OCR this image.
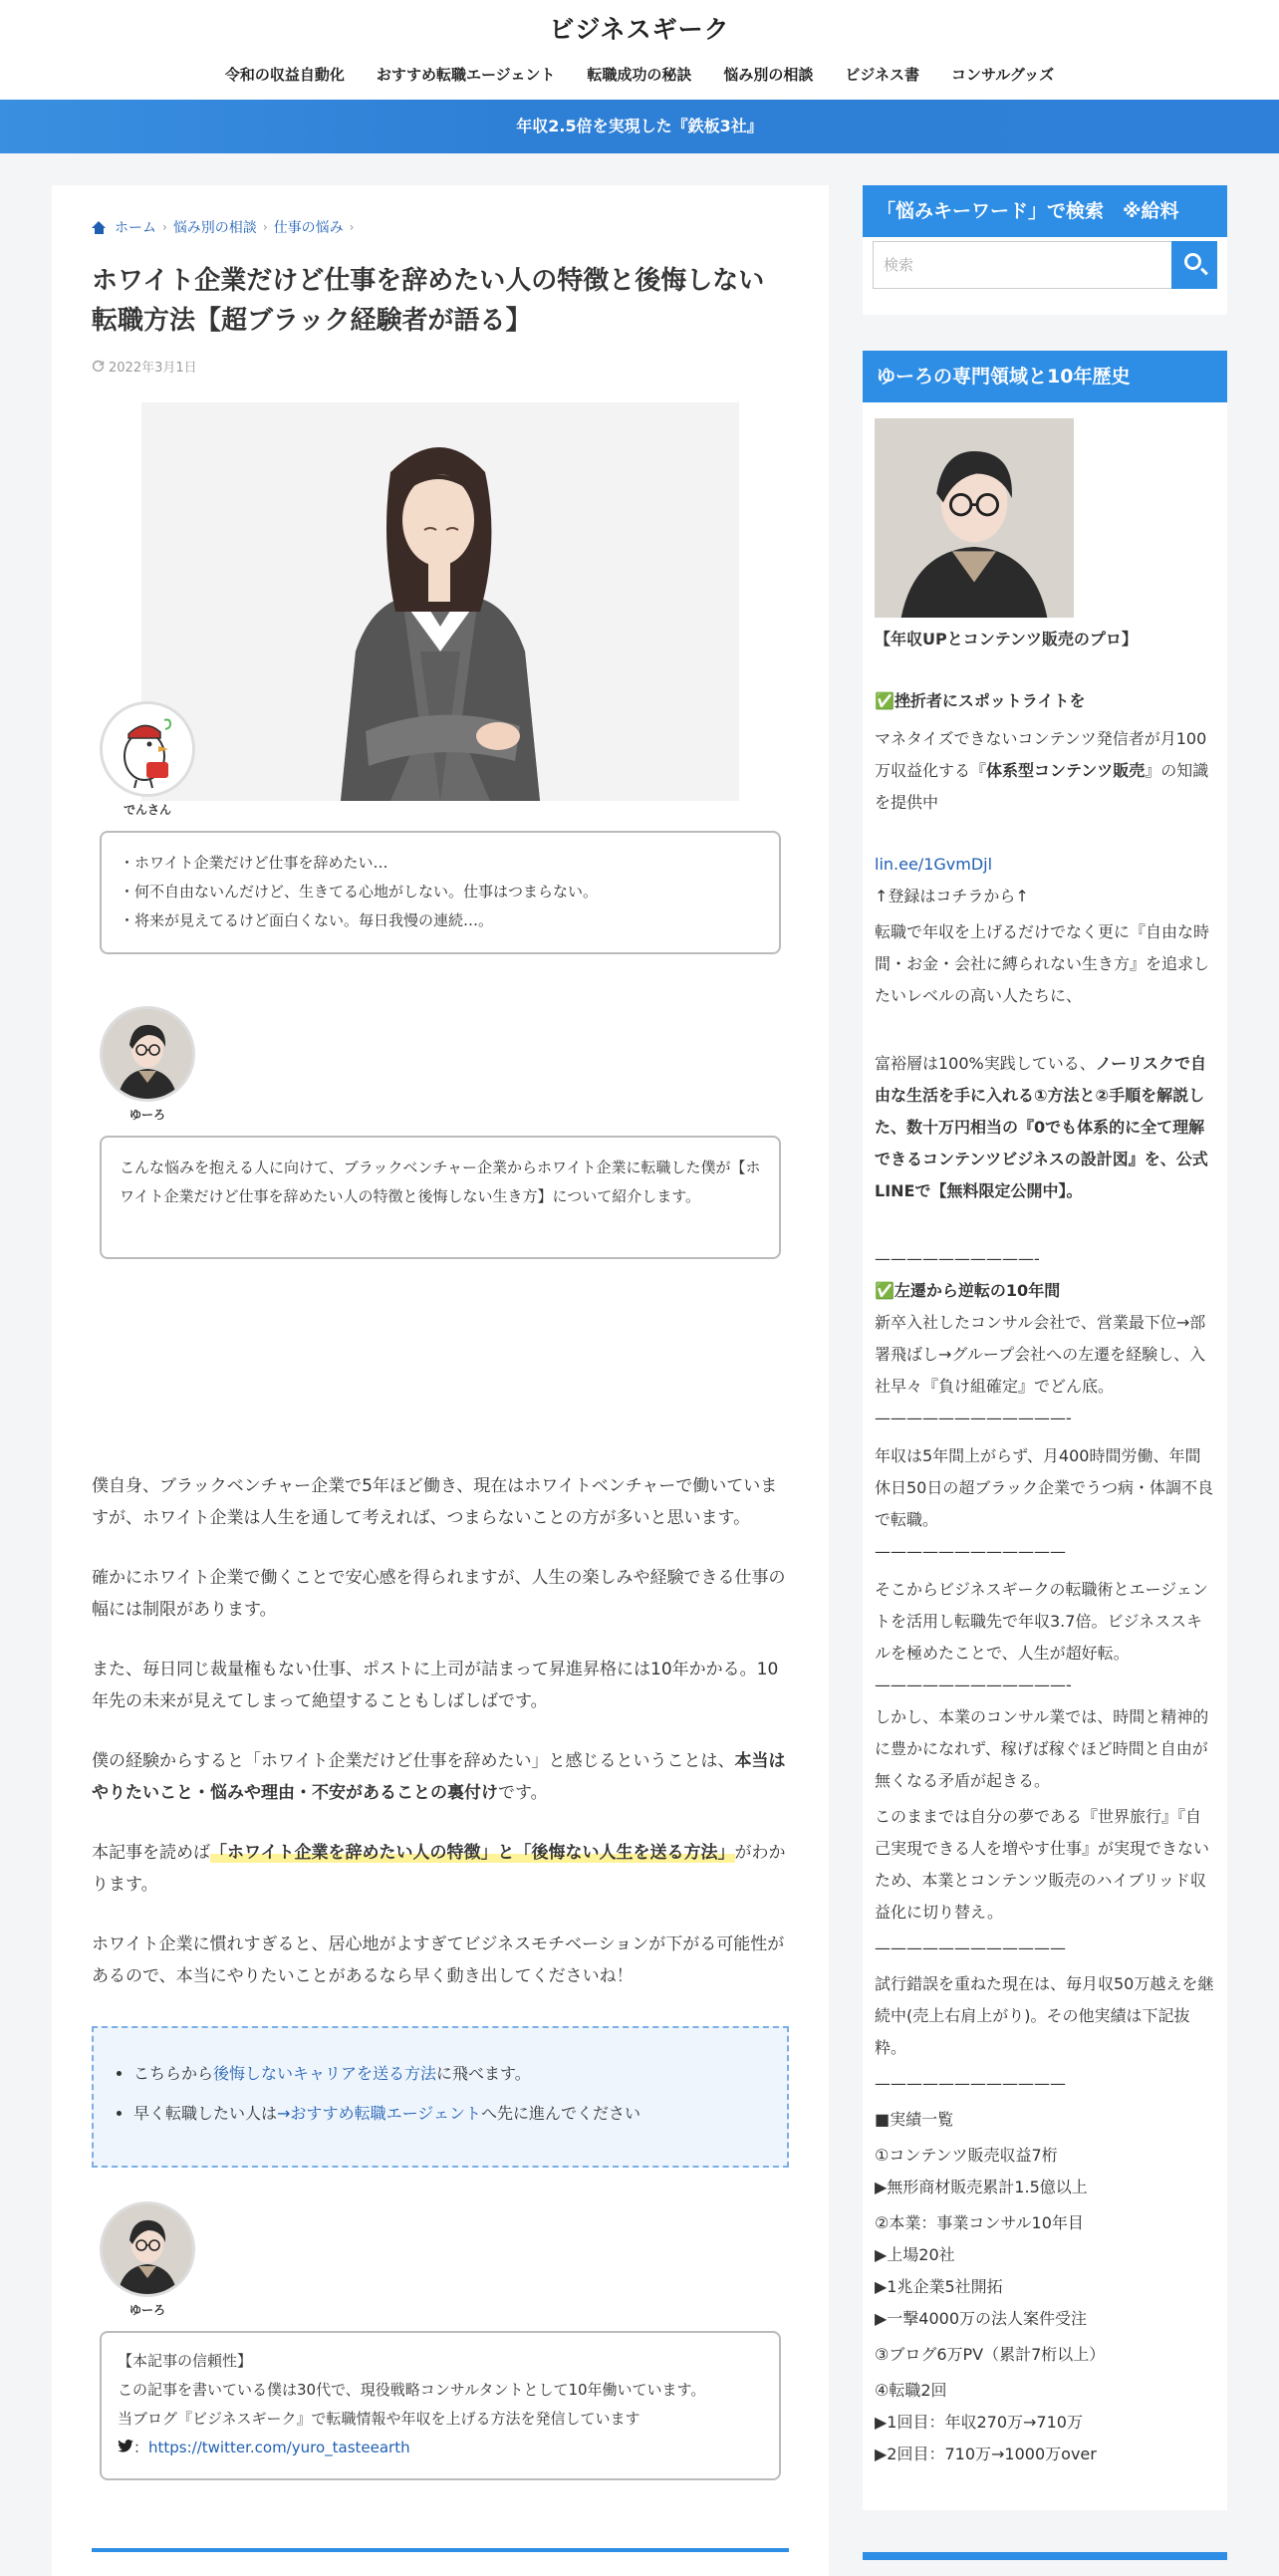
ビジネスギーク
令和の収益自動化	おすすめ転職エージェント	転職成功の秘訣	悩み別の相談	ビジネス書	コンサルグッズ
年収2.5倍を実現した『鉄板3社』
ホーム › 悩み別の相談 › 仕事の悩み ›
ホワイト企業だけど仕事を辞めたい人の特徴と後悔しない転職方法【超ブラック経験者が語る】
2022年3月1日
でんさん
・ホワイト企業だけど仕事を辞めたい…
・何不自由ないんだけど、生きてる心地がしない。仕事はつまらない。
・将来が見えてるけど面白くない。毎日我慢の連続…。
ゆーろ
こんな悩みを抱える人に向けて、ブラックベンチャー企業からホワイト企業に転職した僕が【ホワイト企業だけど仕事を辞めたい人の特徴と後悔しない生き方】について紹介します。
僕自身、ブラックベンチャー企業で5年ほど働き、現在はホワイトベンチャーで働いていますが、ホワイト企業は人生を通して考えれば、つまらないことの方が多いと思います。
確かにホワイト企業で働くことで安心感を得られますが、人生の楽しみや経験できる仕事の幅には制限があります。
また、毎日同じ裁量権もない仕事、ポストに上司が詰まって昇進昇格には10年かかる。10年先の未来が見えてしまって絶望することもしばしばです。
僕の経験からすると「ホワイト企業だけど仕事を辞めたい」と感じるということは、本当はやりたいこと・悩みや理由・不安があることの裏付けです。
本記事を読めば「ホワイト企業を辞めたい人の特徴」と「後悔ない人生を送る方法」がわかります。
ホワイト企業に慣れすぎると、居心地がよすぎてビジネスモチベーションが下がる可能性があるので、本当にやりたいことがあるなら早く動き出してくださいね！
• こちらから後悔しないキャリアを送る方法に飛べます。
• 早く転職したい人は→おすすめ転職エージェントへ先に進んでください
ゆーろ
【本記事の信頼性】
この記事を書いている僕は30代で、現役戦略コンサルタントとして10年働いています。
当ブログ『ビジネスギーク』で転職情報や年収を上げる方法を発信しています
：https://twitter.com/yuro_tasteearth
「悩みキーワード」で検索　※給料
検索
ゆーろの専門領域と10年歴史
【年収UPとコンテンツ販売のプロ】
✅挫折者にスポットライトを
マネタイズできないコンテンツ発信者が月100万収益化する『体系型コンテンツ販売』の知識を提供中
lin.ee/1GvmDjl
↑登録はコチラから↑
転職で年収を上げるだけでなく更に『自由な時間・お金・会社に縛られない生き方』を追求したいレベルの高い人たちに、
富裕層は100%実践している、ノーリスクで自由な生活を手に入れる①方法と②手順を解説した、数十万円相当の『0でも体系的に全て理解できるコンテンツビジネスの設計図』を、公式LINEで【無料限定公開中】。
——————————-
✅左遷から逆転の10年間
新卒入社したコンサル会社で、営業最下位→部署飛ばし→グループ会社への左遷を経験し、入社早々『負け組確定』でどん底。
————————————-
年収は5年間上がらず、月400時間労働、年間休日50日の超ブラック企業でうつ病・体調不良で転職。
————————————
そこからビジネスギークの転職術とエージェントを活用し転職先で年収3.7倍。ビジネススキルを極めたことで、人生が超好転。
————————————-
しかし、本業のコンサル業では、時間と精神的に豊かになれず、稼げば稼ぐほど時間と自由が無くなる矛盾が起きる。
このままでは自分の夢である『世界旅行』『自己実現できる人を増やす仕事』が実現できないため、本業とコンテンツ販売のハイブリッド収益化に切り替え。
————————————
試行錯誤を重ねた現在は、毎月収50万越えを継続中(売上右肩上がり)。その他実績は下記抜粋。
————————————
■実績一覧
①コンテンツ販売収益7桁
▶無形商材販売累計1.5億以上
②本業：事業コンサル10年目
▶上場20社
▶1兆企業5社開拓
▶一撃4000万の法人案件受注
③ブログ6万PV（累計7桁以上）
④転職2回
▶1回目：年収270万→710万
▶2回目：710万→1000万over
